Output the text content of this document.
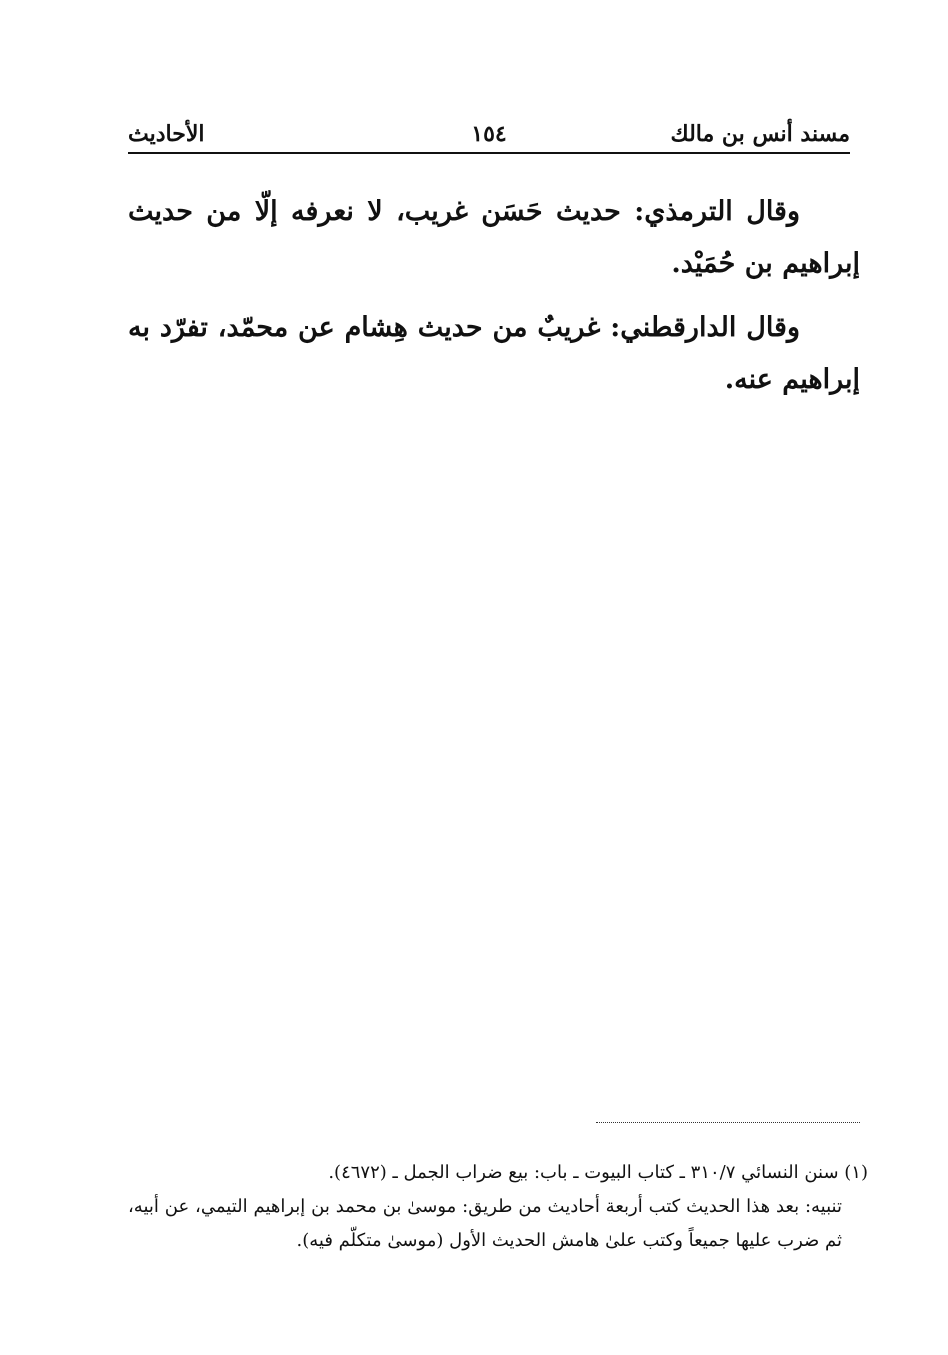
مسند أنس بن مالك
١٥٤
الأحاديث

وقال الترمذي: حديث حَسَن غريب، لا نعرفه إلّا من حديث إبراهيم بن حُمَيْد.

وقال الدارقطني: غريبٌ من حديث هِشام عن محمّد، تفرّد به إبراهيم عنه.

(١) سنن النسائي ٣١٠/٧ ـ كتاب البيوت ـ باب: بيع ضراب الجمل ـ (٤٦٧٢).

تنبيه: بعد هذا الحديث كتب أربعة أحاديث من طريق: موسىٰ بن محمد بن إبراهيم التيمي، عن أبيه، ثم ضرب عليها جميعاً وكتب علىٰ هامش الحديث الأول (موسىٰ متكلّم فيه).
